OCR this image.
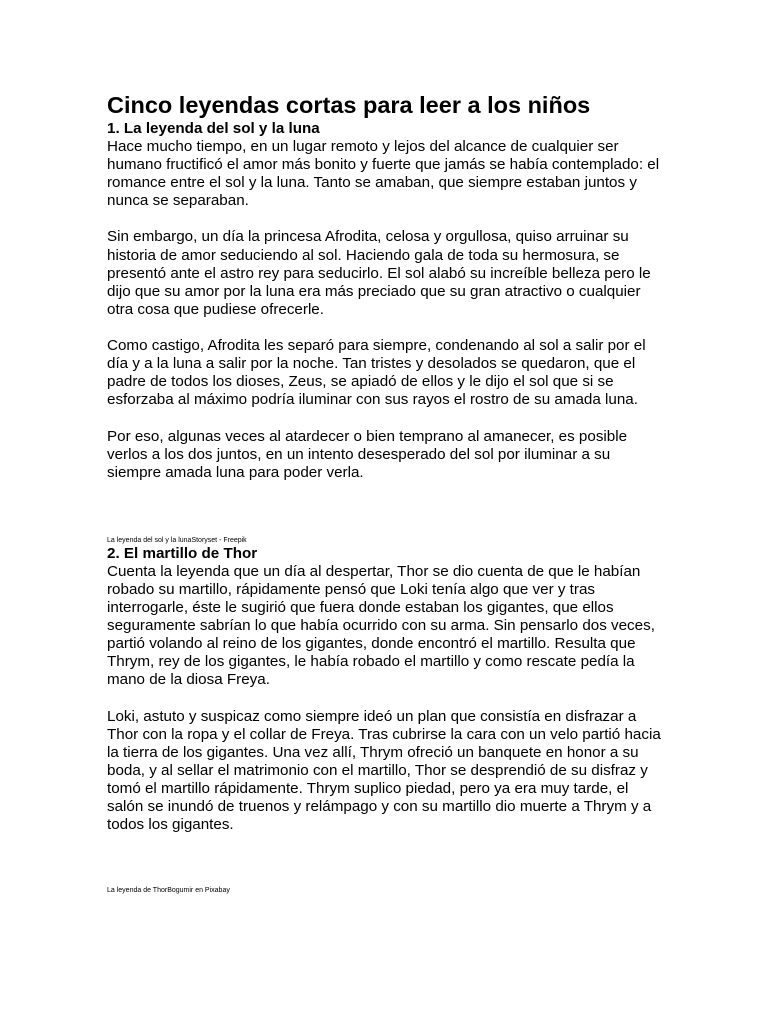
Cinco leyendas cortas para leer a los niños
1. La leyenda del sol y la luna

Hace mucho tiempo, en un lugar remoto y lejos del alcance de cualquier ser humano fructificó el amor más bonito y fuerte que jamás se había contemplado: el romance entre el sol y la luna. Tanto se amaban, que siempre estaban juntos y nunca se separaban.

Sin embargo, un día la princesa Afrodita, celosa y orgullosa, quiso arruinar su historia de amor seduciendo al sol. Haciendo gala de toda su hermosura, se presentó ante el astro rey para seducirlo. El sol alabó su increíble belleza pero le dijo que su amor por la luna era más preciado que su gran atractivo o cualquier otra cosa que pudiese ofrecerle.

Como castigo, Afrodita les separó para siempre, condenando al sol a salir por el día y a la luna a salir por la noche. Tan tristes y desolados se quedaron, que el padre de todos los dioses, Zeus, se apiadó de ellos y le dijo el sol que si se esforzaba al máximo podría iluminar con sus rayos el rostro de su amada luna.

Por eso, algunas veces al atardecer o bien temprano al amanecer, es posible verlos a los dos juntos, en un intento desesperado del sol por iluminar a su siempre amada luna para poder verla.

La leyenda del sol y la lunaStoryset - Freepik

2. El martillo de Thor

Cuenta la leyenda que un día al despertar, Thor se dio cuenta de que le habían robado su martillo, rápidamente pensó que Loki tenía algo que ver y tras interrogarle, éste le sugirió que fuera donde estaban los gigantes, que ellos seguramente sabrían lo que había ocurrido con su arma. Sin pensarlo dos veces, partió volando al reino de los gigantes, donde encontró el martillo. Resulta que Thrym, rey de los gigantes, le había robado el martillo y como rescate pedía la mano de la diosa Freya.

Loki, astuto y suspicaz como siempre ideó un plan que consistía en disfrazar a Thor con la ropa y el collar de Freya. Tras cubrirse la cara con un velo partió hacia la tierra de los gigantes. Una vez allí, Thrym ofreció un banquete en honor a su boda, y al sellar el matrimonio con el martillo, Thor se desprendió de su disfraz y tomó el martillo rápidamente. Thrym suplico piedad, pero ya era muy tarde, el salón se inundó de truenos y relámpago y con su martillo dio muerte a Thrym y a todos los gigantes.

La leyenda de ThorBogumir en Pixabay
